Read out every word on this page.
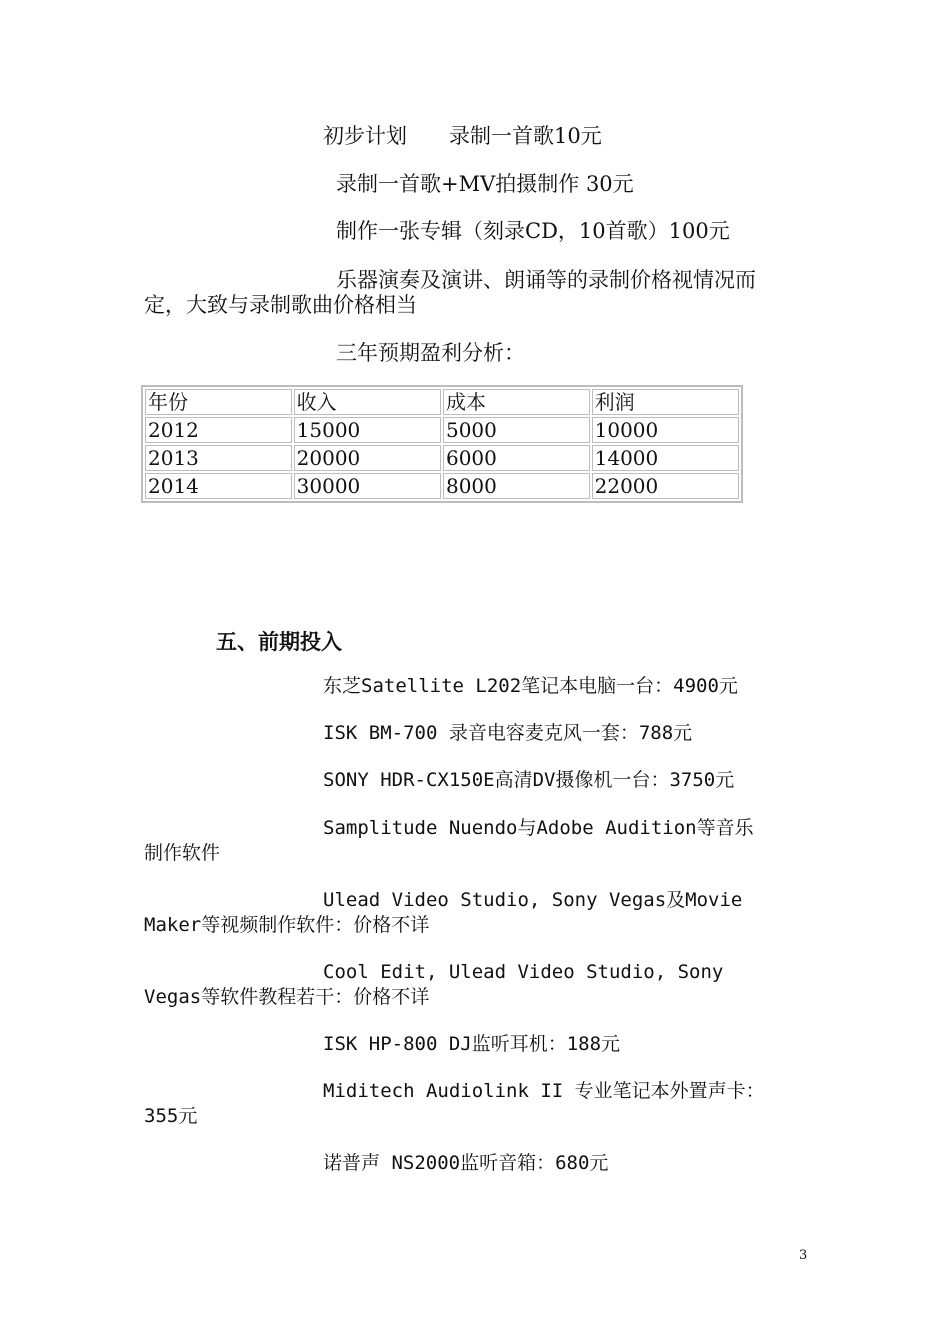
初步计划　　录制一首歌10元
录制一首歌+MV拍摄制作 30元
制作一张专辑（刻录CD，10首歌）100元
乐器演奏及演讲、朗诵等的录制价格视情况而
定，大致与录制歌曲价格相当
三年预期盈利分析：
年份	收入	成本	利润
2012	15000	5000	10000
2013	20000	6000	14000
2014	30000	8000	22000
五、前期投入
东芝Satellite L202笔记本电脑一台：4900元
ISK BM-700 录音电容麦克风一套：788元
SONY HDR-CX150E高清DV摄像机一台：3750元
Samplitude Nuendo与Adobe Audition等音乐
制作软件
Ulead Video Studio, Sony Vegas及Movie
Maker等视频制作软件：价格不详
Cool Edit, Ulead Video Studio, Sony
Vegas等软件教程若干：价格不详
ISK HP-800 DJ监听耳机：188元
Miditech Audiolink II 专业笔记本外置声卡：
355元
诺普声 NS2000监听音箱：680元
3
